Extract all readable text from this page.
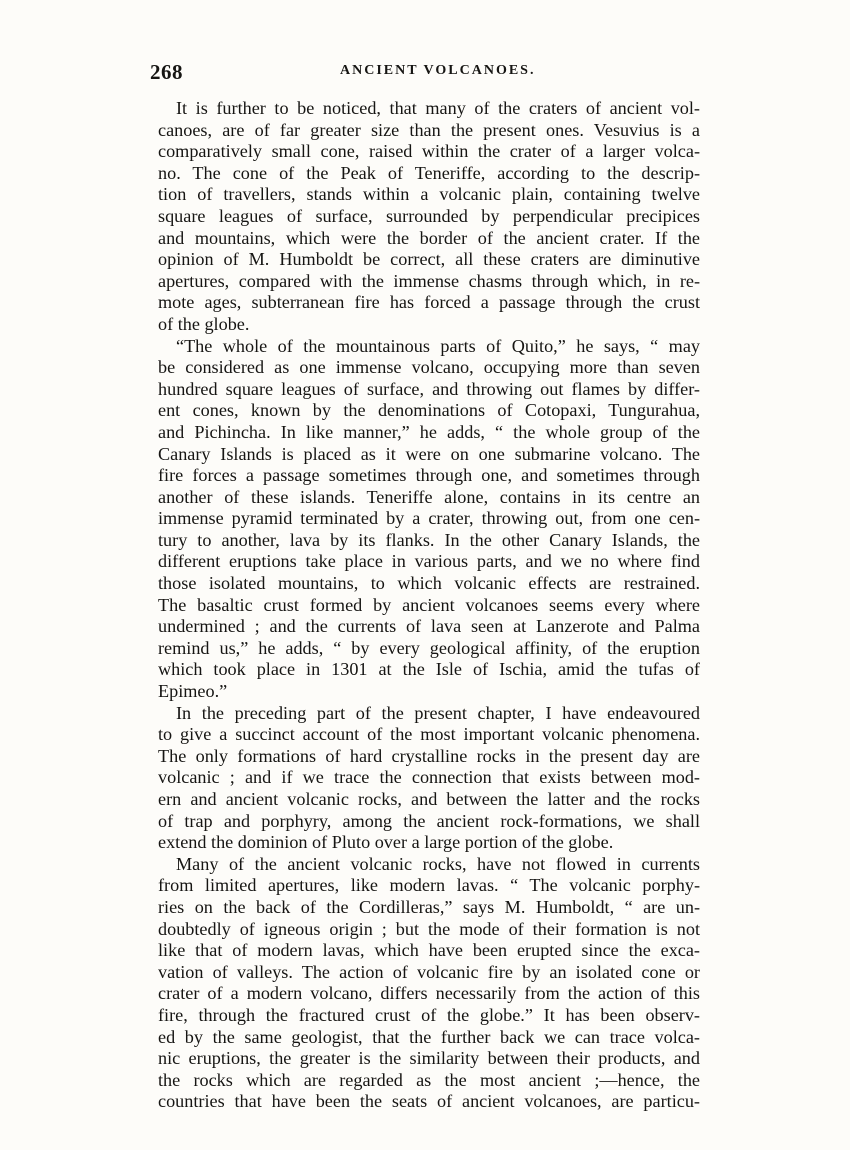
268	ANCIENT VOLCANOES.
It is further to be noticed, that many of the craters of ancient vol-
canoes, are of far greater size than the present ones. Vesuvius is a
comparatively small cone, raised within the crater of a larger volca-
no. The cone of the Peak of Teneriffe, according to the descrip-
tion of travellers, stands within a volcanic plain, containing twelve
square leagues of surface, surrounded by perpendicular precipices
and mountains, which were the border of the ancient crater. If the
opinion of M. Humboldt be correct, all these craters are diminutive
apertures, compared with the immense chasms through which, in re-
mote ages, subterranean fire has forced a passage through the crust
of the globe.
“The whole of the mountainous parts of Quito,” he says, “ may
be considered as one immense volcano, occupying more than seven
hundred square leagues of surface, and throwing out flames by differ-
ent cones, known by the denominations of Cotopaxi, Tungurahua,
and Pichincha. In like manner,” he adds, “ the whole group of the
Canary Islands is placed as it were on one submarine volcano. The
fire forces a passage sometimes through one, and sometimes through
another of these islands. Teneriffe alone, contains in its centre an
immense pyramid terminated by a crater, throwing out, from one cen-
tury to another, lava by its flanks. In the other Canary Islands, the
different eruptions take place in various parts, and we no where find
those isolated mountains, to which volcanic effects are restrained.
The basaltic crust formed by ancient volcanoes seems every where
undermined ; and the currents of lava seen at Lanzerote and Palma
remind us,” he adds, “ by every geological affinity, of the eruption
which took place in 1301 at the Isle of Ischia, amid the tufas of
Epimeo.”
In the preceding part of the present chapter, I have endeavoured
to give a succinct account of the most important volcanic phenomena.
The only formations of hard crystalline rocks in the present day are
volcanic ; and if we trace the connection that exists between mod-
ern and ancient volcanic rocks, and between the latter and the rocks
of trap and porphyry, among the ancient rock-formations, we shall
extend the dominion of Pluto over a large portion of the globe.
Many of the ancient volcanic rocks, have not flowed in currents
from limited apertures, like modern lavas. “ The volcanic porphy-
ries on the back of the Cordilleras,” says M. Humboldt, “ are un-
doubtedly of igneous origin ; but the mode of their formation is not
like that of modern lavas, which have been erupted since the exca-
vation of valleys. The action of volcanic fire by an isolated cone or
crater of a modern volcano, differs necessarily from the action of this
fire, through the fractured crust of the globe.” It has been observ-
ed by the same geologist, that the further back we can trace volca-
nic eruptions, the greater is the similarity between their products, and
the rocks which are regarded as the most ancient ;—hence, the
countries that have been the seats of ancient volcanoes, are particu-
